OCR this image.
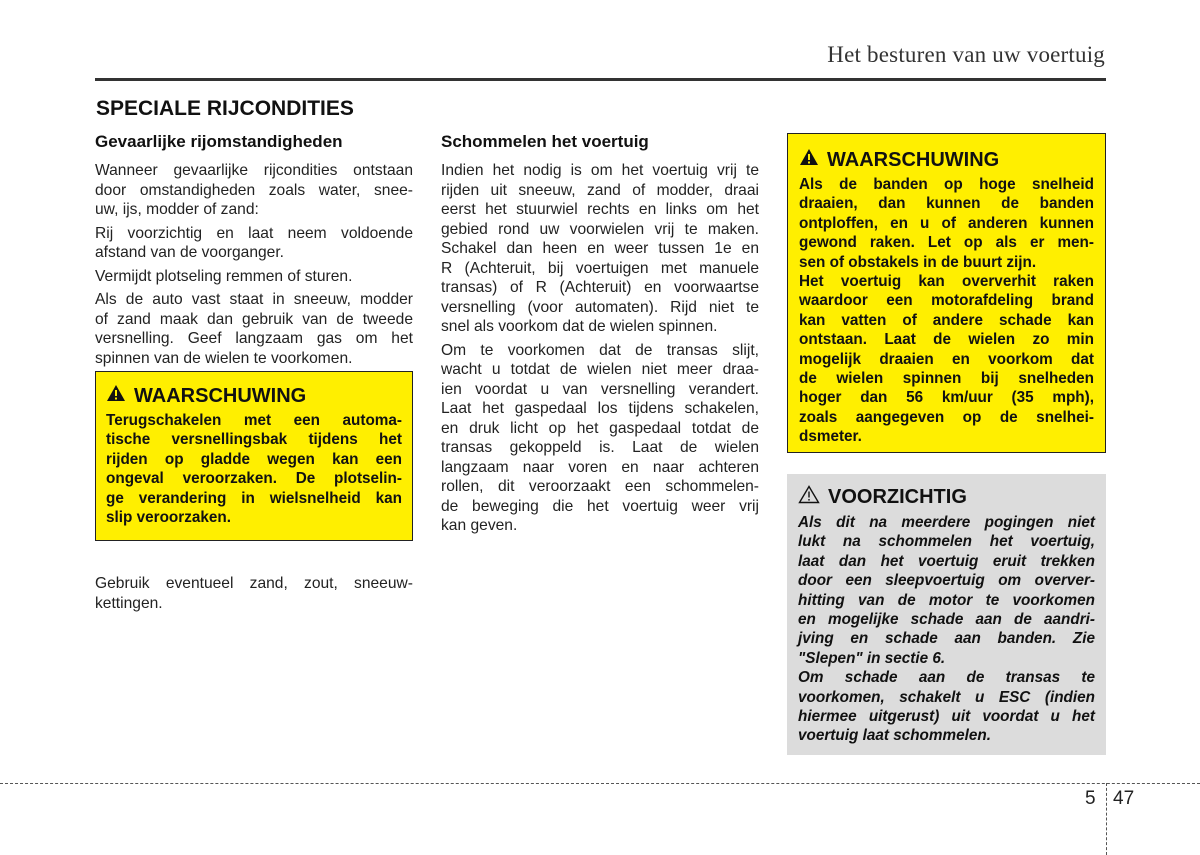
Het besturen van uw voertuig
SPECIALE RIJCONDITIES
Gevaarlijke rijomstandigheden

Wanneer gevaarlijke rijcondities ontstaan
door omstandigheden zoals water, snee-
uw, ijs, modder of zand:

Rij voorzichtig en laat neem voldoende
afstand van de voorganger.

Vermijdt plotseling remmen of sturen.

Als de auto vast staat in sneeuw, modder
of zand maak dan gebruik van de tweede
versnelling. Geef langzaam gas om het
spinnen van de wielen te voorkomen.

WAARSCHUWING

Terugschakelen met een automa-
tische versnellingsbak tijdens het
rijden op gladde wegen kan een
ongeval veroorzaken. De plotselin-
ge verandering in wielsnelheid kan
slip veroorzaken.

Gebruik eventueel zand, zout, sneeuw-
kettingen.

Schommelen het voertuig

Indien het nodig is om het voertuig vrij te
rijden uit sneeuw, zand of modder, draai
eerst het stuurwiel rechts en links om het
gebied rond uw voorwielen vrij te maken.
Schakel dan heen en weer tussen 1e en
R (Achteruit, bij voertuigen met manuele
transas) of R (Achteruit) en voorwaartse
versnelling (voor automaten). Rijd niet te
snel als voorkom dat de wielen spinnen.

Om te voorkomen dat de transas slijt,
wacht u totdat de wielen niet meer draa-
ien voordat u van versnelling verandert.
Laat het gaspedaal los tijdens schakelen,
en druk licht op het gaspedaal totdat de
transas gekoppeld is. Laat de wielen
langzaam naar voren en naar achteren
rollen, dit veroorzaakt een schommelen-
de beweging die het voertuig weer vrij
kan geven.

WAARSCHUWING

Als de banden op hoge snelheid
draaien, dan kunnen de banden
ontploffen, en u of anderen kunnen
gewond raken. Let op als er men-
sen of obstakels in de buurt zijn.

Het voertuig kan oververhit raken
waardoor een motorafdeling brand
kan vatten of andere schade kan
ontstaan. Laat de wielen zo min
mogelijk draaien en voorkom dat
de wielen spinnen bij snelheden
hoger dan 56 km/uur (35 mph),
zoals aangegeven op de snelhei-
dsmeter.

VOORZICHTIG

Als dit na meerdere pogingen niet
lukt na schommelen het voertuig,
laat dan het voertuig eruit trekken
door een sleepvoertuig om overver-
hitting van de motor te voorkomen
en mogelijke schade aan de aandri-
jving en schade aan banden. Zie
"Slepen" in sectie 6.

Om schade aan de transas te
voorkomen, schakelt u ESC (indien
hiermee uitgerust) uit voordat u het
voertuig laat schommelen.

5 47
